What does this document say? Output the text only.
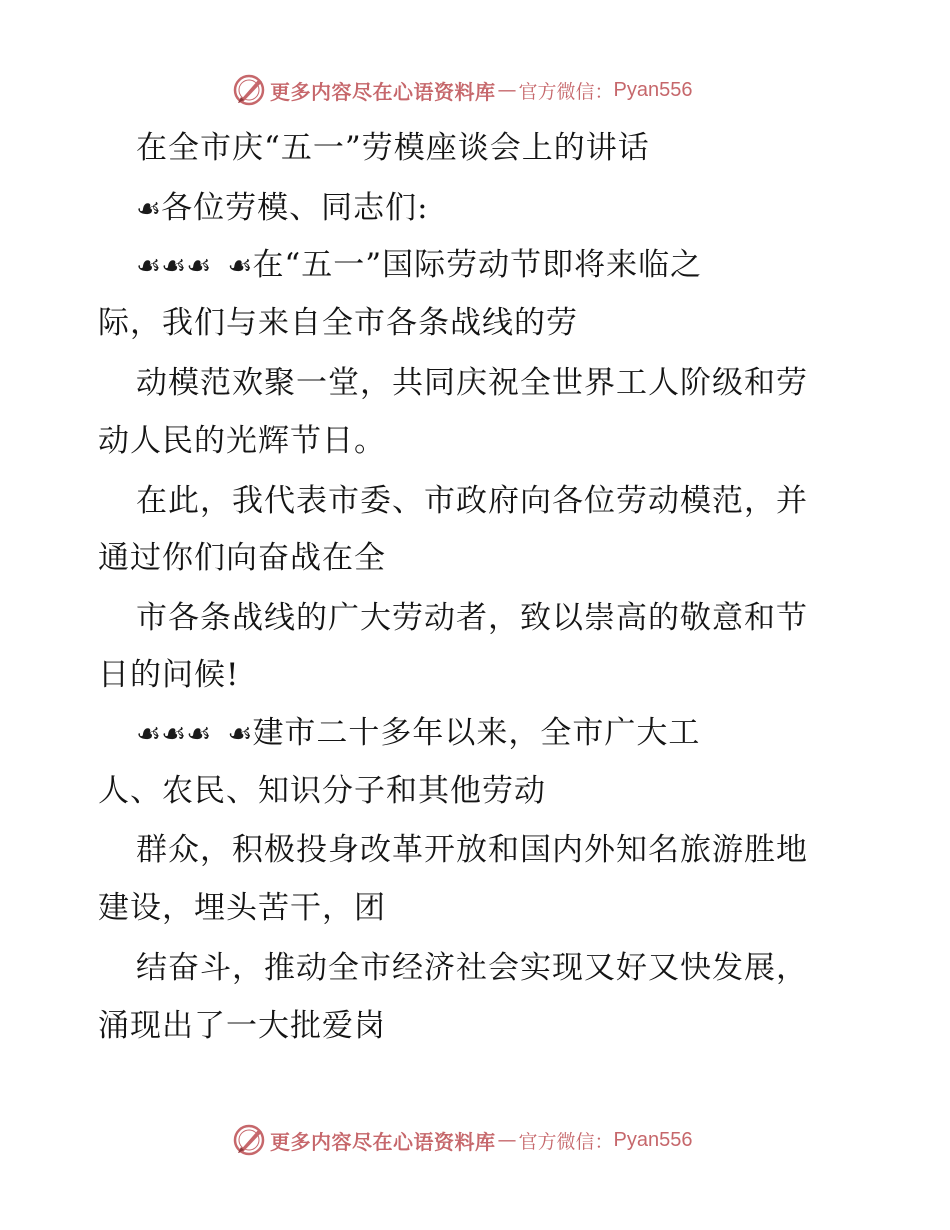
更多内容尽在心语资料库 — 官方微信： Pyan556
在全市庆“五一”劳模座谈会上的讲话
☙各位劳模、同志们:
☙☙☙ ☙在“五一”国际劳动节即将来临之
际，我们与来自全市各条战线的劳
动模范欢聚一堂，共同庆祝全世界工人阶级和劳
动人民的光辉节日。
在此，我代表市委、市政府向各位劳动模范，并
通过你们向奋战在全
市各条战线的广大劳动者，致以崇高的敬意和节
日的问候!
☙☙☙ ☙建市二十多年以来，全市广大工
人、农民、知识分子和其他劳动
群众，积极投身改革开放和国内外知名旅游胜地
建设，埋头苦干，团
结奋斗，推动全市经济社会实现又好又快发展，
涌现出了一大批爱岗
更多内容尽在心语资料库 — 官方微信： Pyan556
